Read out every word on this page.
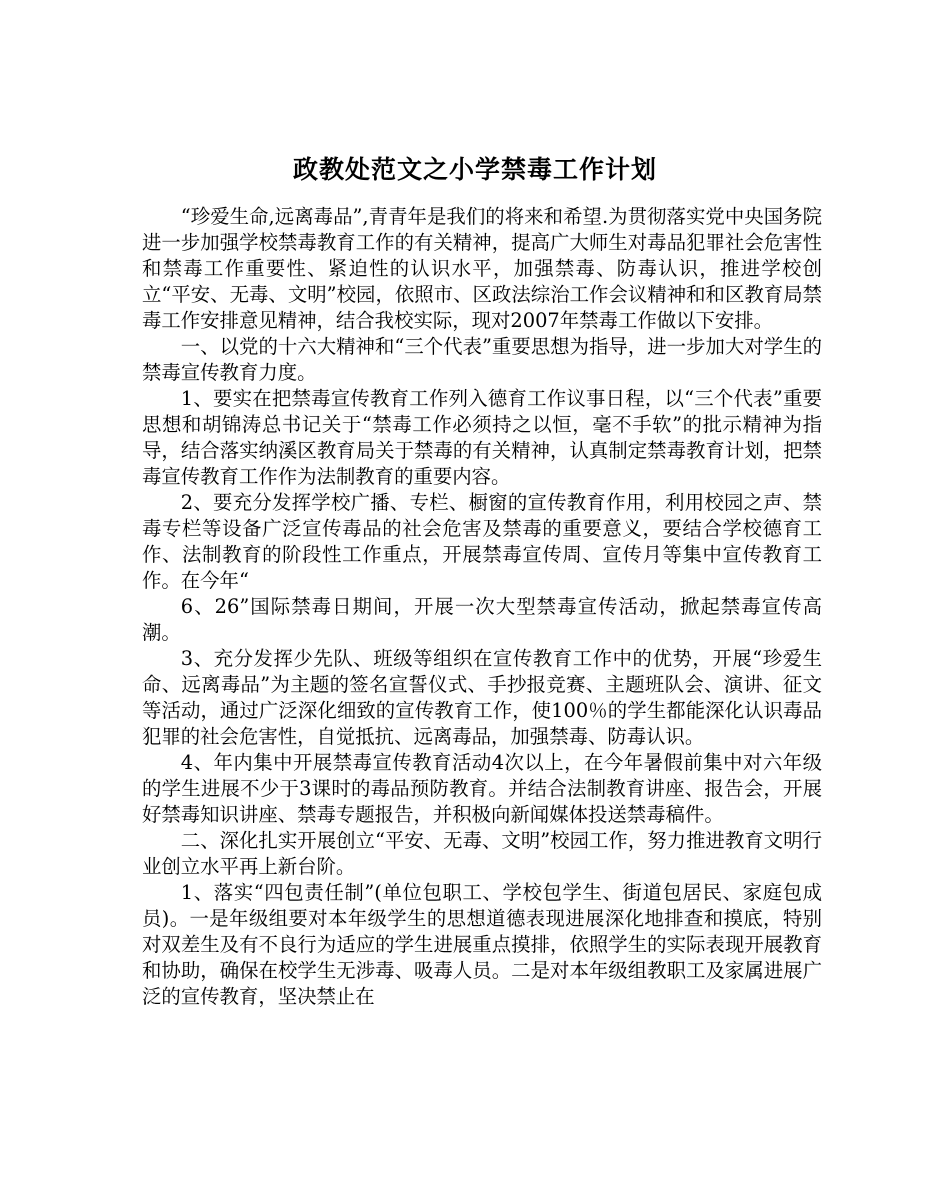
政教处范文之小学禁毒工作计划

“珍爱生命,远离毒品”,青青年是我们的将来和希望.为贯彻落实党中央国务院进一步加强学校禁毒教育工作的有关精神，提高广大师生对毒品犯罪社会危害性和禁毒工作重要性、紧迫性的认识水平，加强禁毒、防毒认识，推进学校创立“平安、无毒、文明”校园，依照市、区政法综治工作会议精神和和区教育局禁毒工作安排意见精神，结合我校实际，现对2007年禁毒工作做以下安排。

一、以党的十六大精神和“三个代表”重要思想为指导，进一步加大对学生的禁毒宣传教育力度。

1、要实在把禁毒宣传教育工作列入德育工作议事日程，以“三个代表”重要思想和胡锦涛总书记关于“禁毒工作必须持之以恒，毫不手软”的批示精神为指导，结合落实纳溪区教育局关于禁毒的有关精神，认真制定禁毒教育计划，把禁毒宣传教育工作作为法制教育的重要内容。

2、要充分发挥学校广播、专栏、橱窗的宣传教育作用，利用校园之声、禁毒专栏等设备广泛宣传毒品的社会危害及禁毒的重要意义，要结合学校德育工作、法制教育的阶段性工作重点，开展禁毒宣传周、宣传月等集中宣传教育工作。在今年“

6、26”国际禁毒日期间，开展一次大型禁毒宣传活动，掀起禁毒宣传高潮。

3、充分发挥少先队、班级等组织在宣传教育工作中的优势，开展“珍爱生命、远离毒品”为主题的签名宣誓仪式、手抄报竞赛、主题班队会、演讲、征文等活动，通过广泛深化细致的宣传教育工作，使100％的学生都能深化认识毒品犯罪的社会危害性，自觉抵抗、远离毒品，加强禁毒、防毒认识。

4、年内集中开展禁毒宣传教育活动4次以上，在今年暑假前集中对六年级的学生进展不少于3课时的毒品预防教育。并结合法制教育讲座、报告会，开展好禁毒知识讲座、禁毒专题报告，并积极向新闻媒体投送禁毒稿件。

二、深化扎实开展创立“平安、无毒、文明”校园工作，努力推进教育文明行业创立水平再上新台阶。

1、落实“四包责任制”(单位包职工、学校包学生、街道包居民、家庭包成员)。一是年级组要对本年级学生的思想道德表现进展深化地排查和摸底，特别对双差生及有不良行为适应的学生进展重点摸排，依照学生的实际表现开展教育和协助，确保在校学生无涉毒、吸毒人员。二是对本年级组教职工及家属进展广泛的宣传教育，坚决禁止在
